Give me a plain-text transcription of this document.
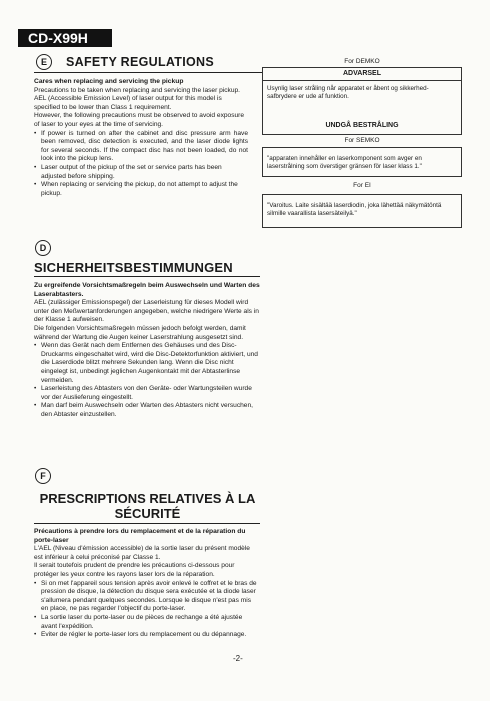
CD-X99H
E	SAFETY REGULATIONS

Cares when replacing and servicing the pickup

Precautions to be taken when replacing and servicing the laser pickup.

AEL (Accessible Emission Level) of laser output for this model is specified to be lower than Class 1 requirement.

However, the following precautions must be observed to avoid exposure of laser to your eyes at the time of servicing.

• If power is turned on after the cabinet and disc pressure arm have been removed, disc detection is executed, and the laser diode lights for several seconds. If the compact disc has not been loaded, do not look into the pickup lens.
• Laser output of the pickup of the set or service parts has been adjusted before shipping.
• When replacing or servicing the pickup, do not attempt to adjust the pickup.
For DEMKO
ADVARSEL
Usynlig laser stråling når apparatet er åbent og sikkerhed-safbrydere er ude af funktion.
UNDGÅ BESTRÅLING
For SEMKO
"apparaten innehåller en laserkomponent som avger en laserstrålning som överstiger gränsen för laser klass 1."
For EI
"Varoitus. Laite sisältää laserdiodin, joka lähettää näkymätöntä silmille vaarallista lasersäteilyä."
D
SICHERHEITSBESTIMMUNGEN

Zu ergreifende Vorsichtsmaßregeln beim Auswechseln und Warten des Laserabtasters.

AEL (zulässiger Emissionspegel) der Laserleistung für dieses Modell wird unter den Meßwertanforderungen angegeben, welche niedrigere Werte als in der Klasse 1 aufweisen.

Die folgenden Vorsichtsmaßregeln müssen jedoch befolgt werden, damit während der Wartung die Augen keiner Laserstrahlung ausgesetzt sind.

• Wenn das Gerät nach dem Entfernen des Gehäuses und des Disc-Druckarms eingeschaltet wird, wird die Disc-Detektorfunktion aktiviert, und die Laserdiode blitzt mehrere Sekunden lang. Wenn die Disc nicht eingelegt ist, unbedingt jeglichen Augenkontakt mit der Abtasterlinse vermeiden.
• Laserleistung des Abtasters von den Geräte- oder Wartungsteilen wurde vor der Auslieferung eingestellt.
• Man darf beim Auswechseln oder Warten des Abtasters nicht versuchen, den Abtaster einzustellen.
F
PRESCRIPTIONS RELATIVES À LA SÉCURITÉ

Précautions à prendre lors du remplacement et de la réparation du porte-laser

L'AEL (Niveau d'émission accessible) de la sortie laser du présent modèle est inférieur à celui préconisé par Classe 1.

Il serait toutefois prudent de prendre les précautions ci-dessous pour protéger les yeux contre les rayons laser lors de la réparation.

• Si on met l'appareil sous tension après avoir enlevé le coffret et le bras de pression de disque, la détection du disque sera exécutée et la diode laser s'allumera pendant quelques secondes. Lorsque le disque n'est pas mis en place, ne pas regarder l'objectif du porte-laser.
• La sortie laser du porte-laser ou de pièces de rechange a été ajustée avant l'expédition.
• Eviter de régler le porte-laser lors du remplacement ou du dépannage.
-2-
